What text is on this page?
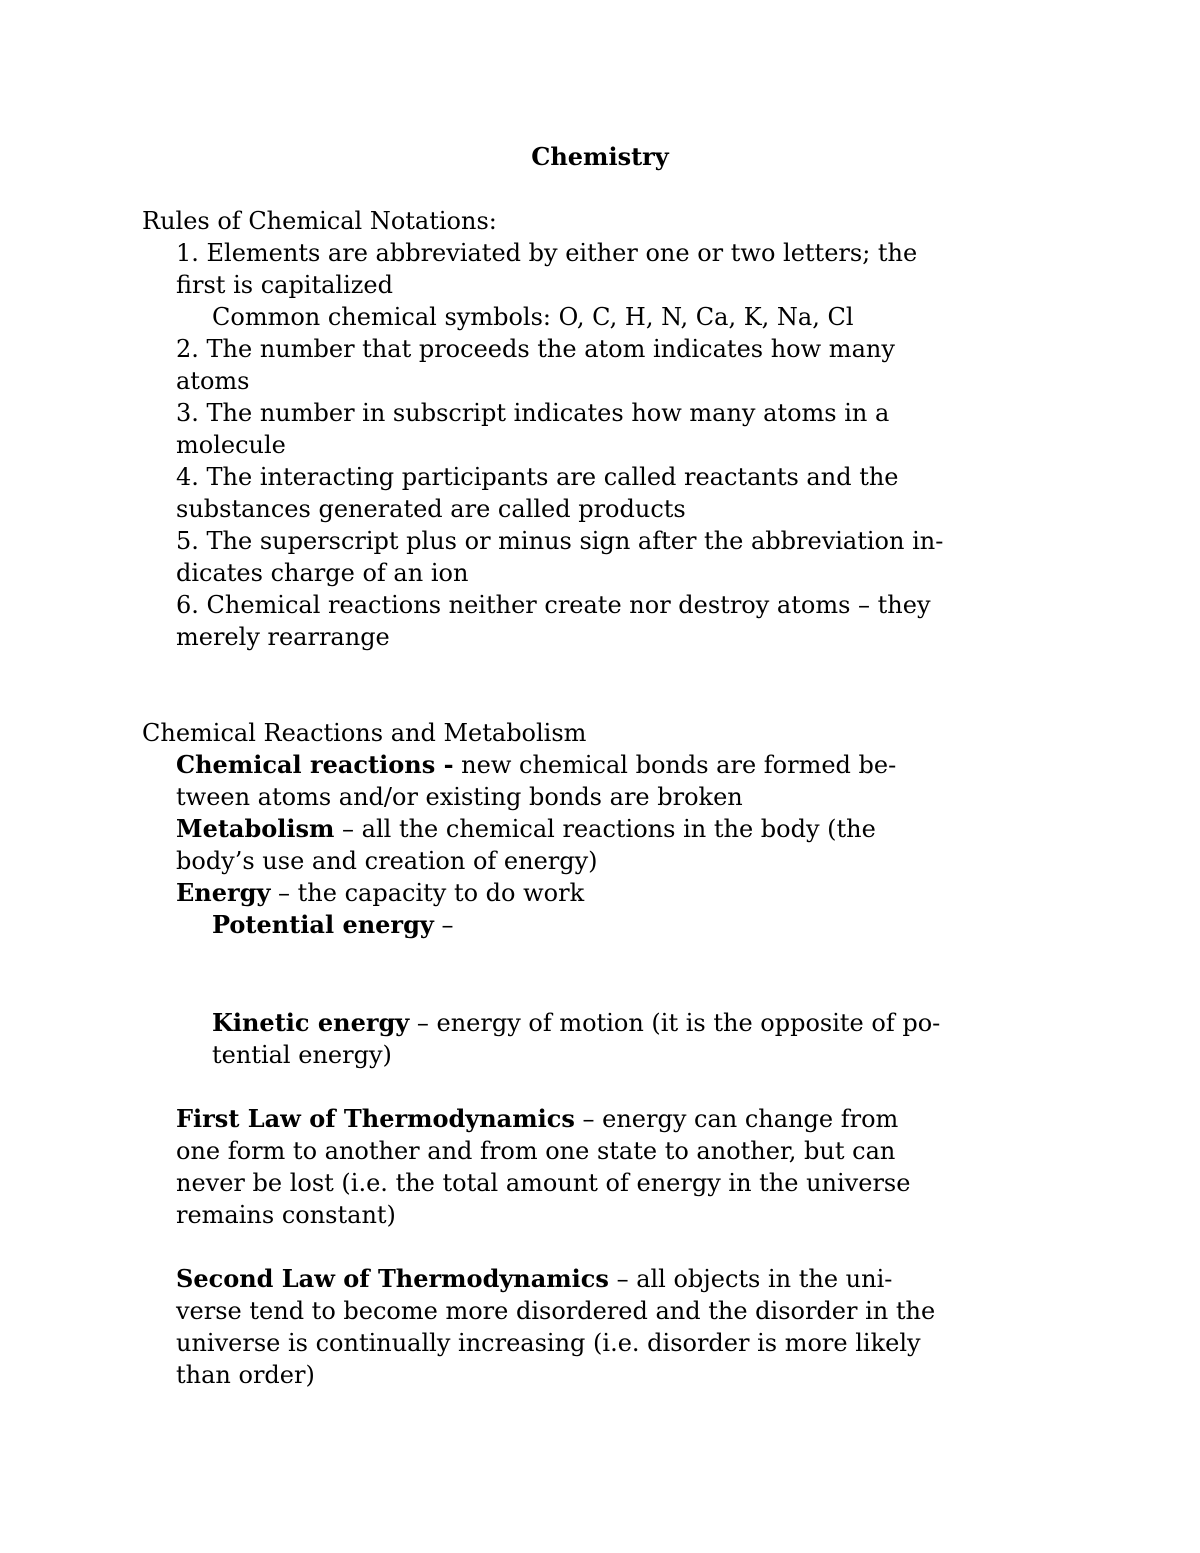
Chemistry
Rules of Chemical Notations:
1. Elements are abbreviated by either one or two letters; the
first is capitalized
Common chemical symbols: O, C, H, N, Ca, K, Na, Cl
2. The number that proceeds the atom indicates how many
atoms
3. The number in subscript indicates how many atoms in a
molecule
4. The interacting participants are called reactants and the
substances generated are called products
5. The superscript plus or minus sign after the abbreviation in-
dicates charge of an ion
6. Chemical reactions neither create nor destroy atoms – they
merely rearrange
Chemical Reactions and Metabolism
Chemical reactions - new chemical bonds are formed be-
tween atoms and/or existing bonds are broken
Metabolism – all the chemical reactions in the body (the
body’s use and creation of energy)
Energy – the capacity to do work
Potential energy –
Kinetic energy – energy of motion (it is the opposite of po-
tential energy)
First Law of Thermodynamics – energy can change from
one form to another and from one state to another, but can
never be lost (i.e. the total amount of energy in the universe
remains constant)
Second Law of Thermodynamics – all objects in the uni-
verse tend to become more disordered and the disorder in the
universe is continually increasing (i.e. disorder is more likely
than order)
